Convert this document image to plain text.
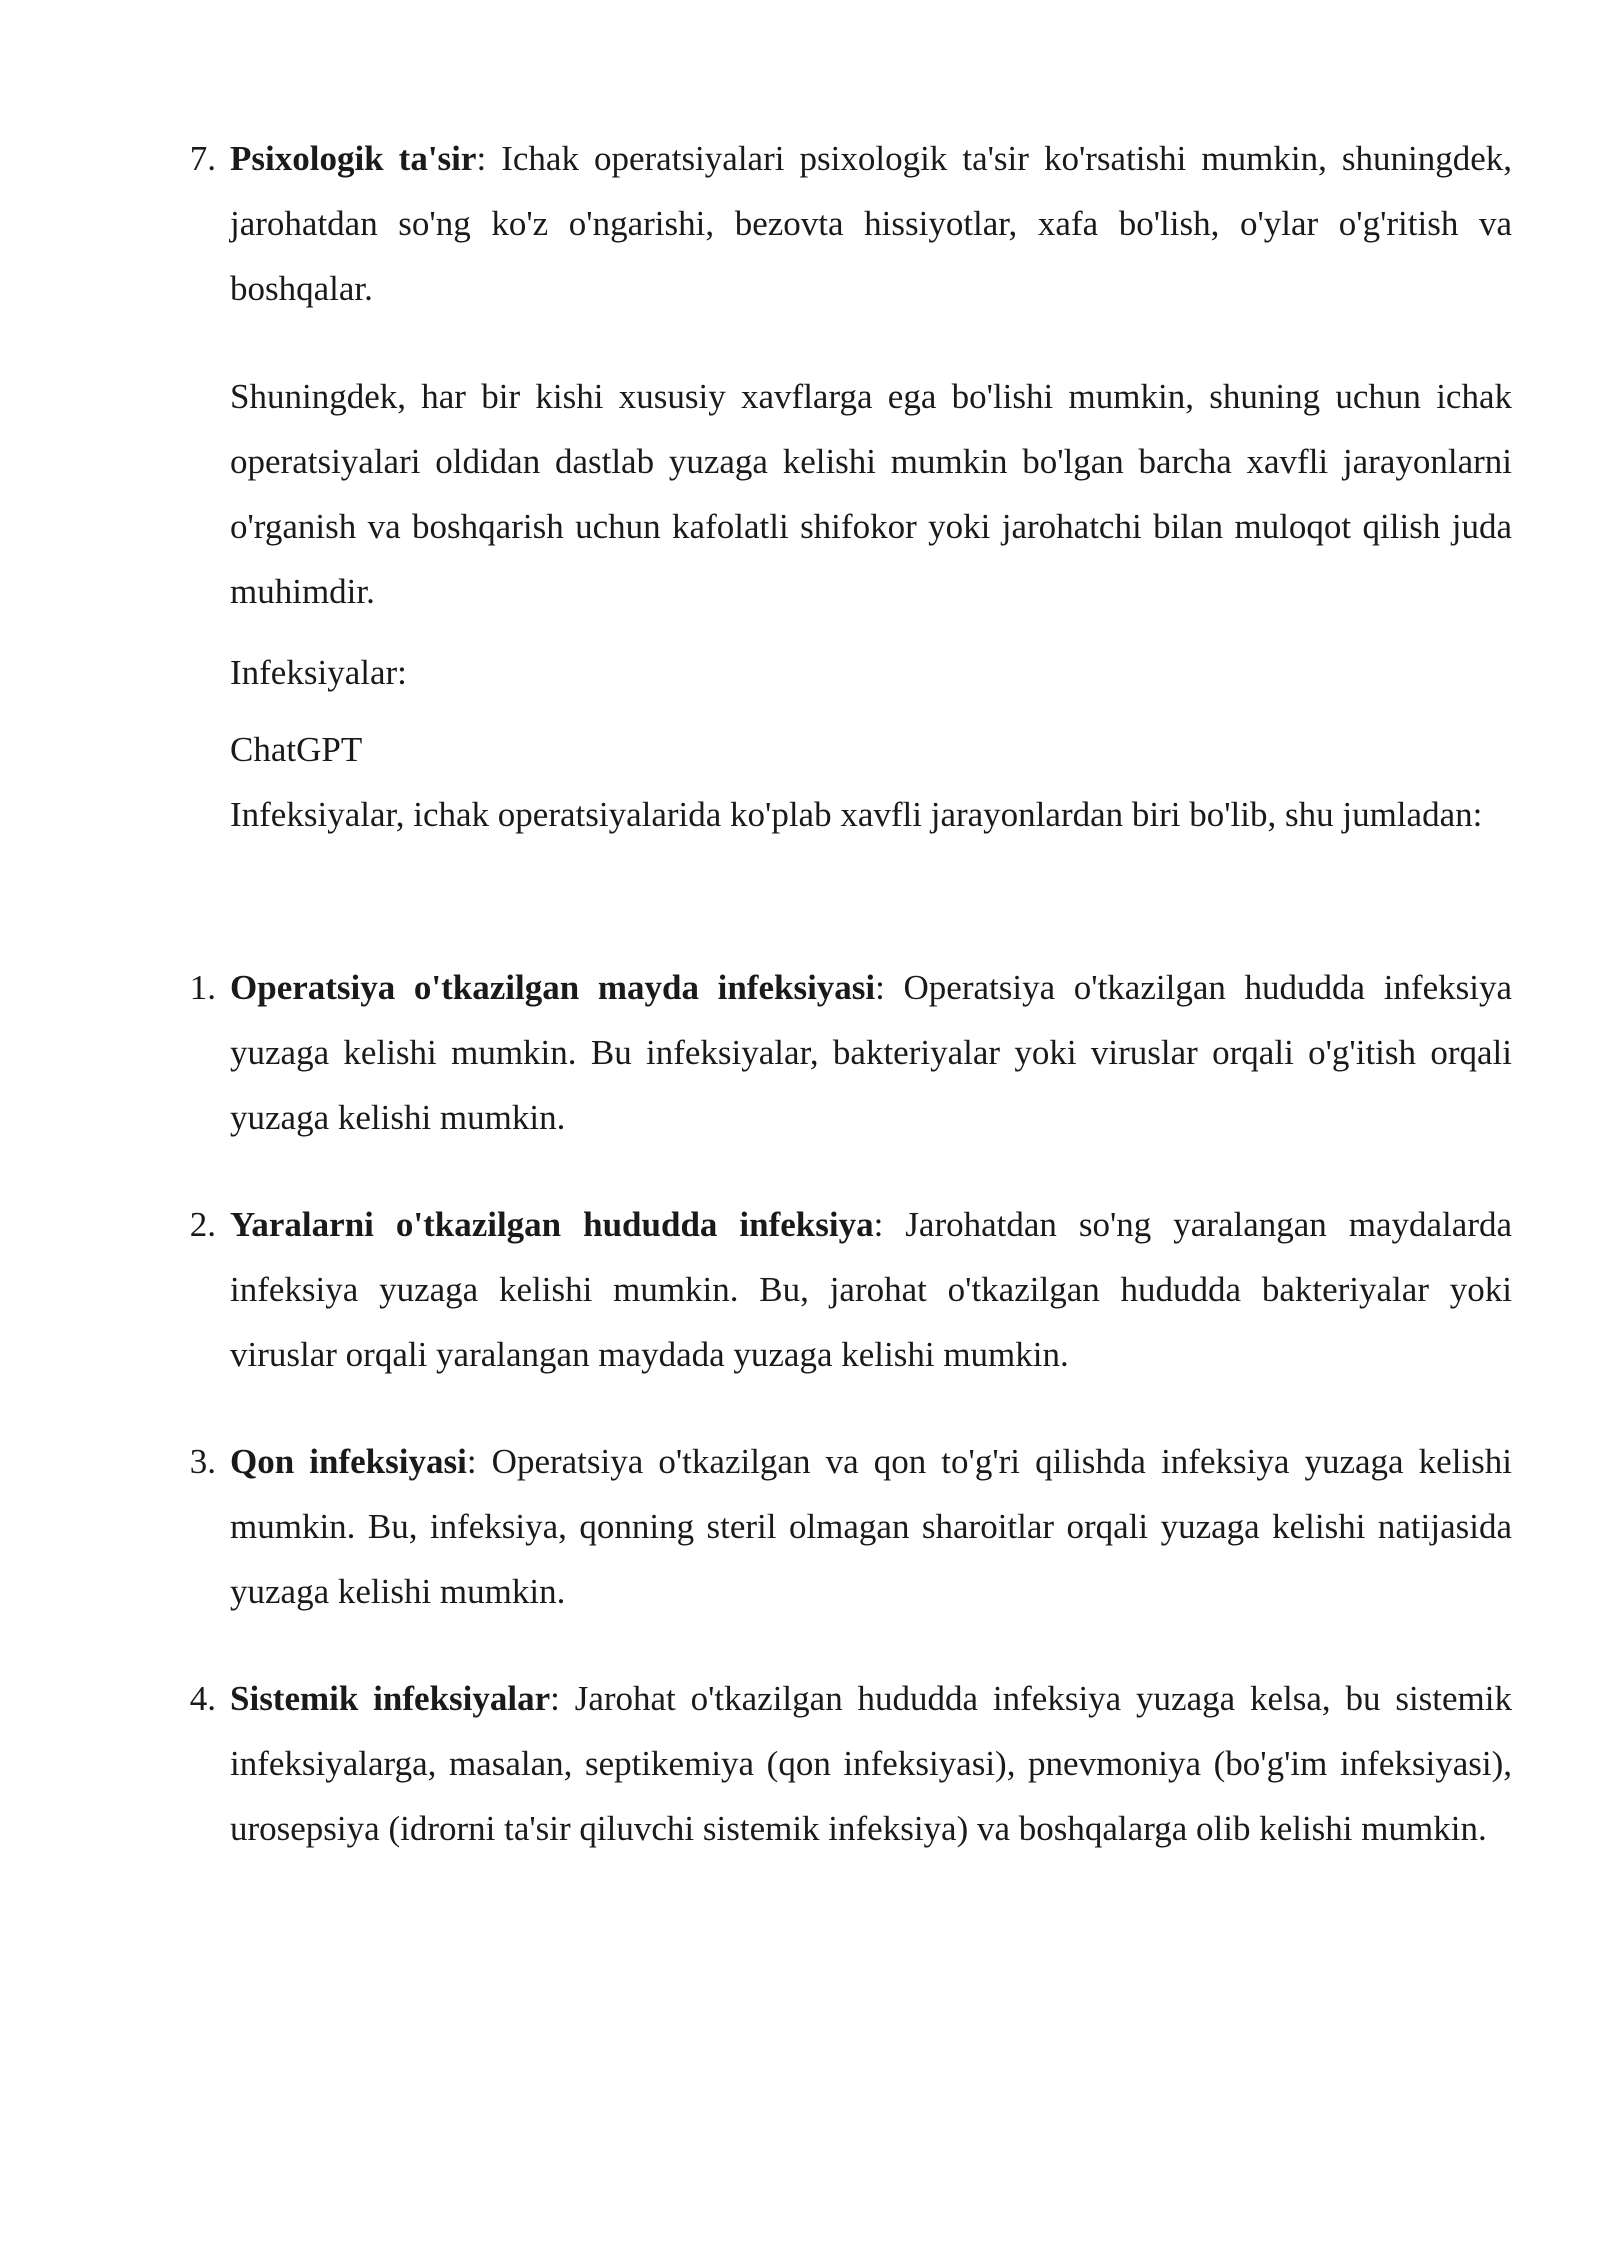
7. Psixologik ta'sir: Ichak operatsiyalari psixologik ta'sir ko'rsatishi mumkin, shuningdek, jarohatdan so'ng ko'z o'ngarishi, bezovta hissiyotlar, xafa bo'lish, o'ylar o'g'ritish va boshqalar.
Shuningdek, har bir kishi xususiy xavflarga ega bo'lishi mumkin, shuning uchun ichak operatsiyalari oldidan dastlab yuzaga kelishi mumkin bo'lgan barcha xavfli jarayonlarni o'rganish va boshqarish uchun kafolatli shifokor yoki jarohatchi bilan muloqot qilish juda muhimdir.
Infeksiyalar:
ChatGPT
Infeksiyalar, ichak operatsiyalarida ko'plab xavfli jarayonlardan biri bo'lib, shu jumladan:
1. Operatsiya o'tkazilgan mayda infeksiyasi: Operatsiya o'tkazilgan hududda infeksiya yuzaga kelishi mumkin. Bu infeksiyalar, bakteriyalar yoki viruslar orqali o'g'itish orqali yuzaga kelishi mumkin.
2. Yaralarni o'tkazilgan hududda infeksiya: Jarohatdan so'ng yaralangan maydalarda infeksiya yuzaga kelishi mumkin. Bu, jarohat o'tkazilgan hududda bakteriyalar yoki viruslar orqali yaralangan maydada yuzaga kelishi mumkin.
3. Qon infeksiyasi: Operatsiya o'tkazilgan va qon to'g'ri qilishda infeksiya yuzaga kelishi mumkin. Bu, infeksiya, qonning steril olmagan sharoitlar orqali yuzaga kelishi natijasida yuzaga kelishi mumkin.
4. Sistemik infeksiyalar: Jarohat o'tkazilgan hududda infeksiya yuzaga kelsa, bu sistemik infeksiyalarga, masalan, septikemiya (qon infeksiyasi), pnevmoniya (bo'g'im infeksiyasi), urosepsiya (idrorni ta'sir qiluvchi sistemik infeksiya) va boshqalarga olib kelishi mumkin.
